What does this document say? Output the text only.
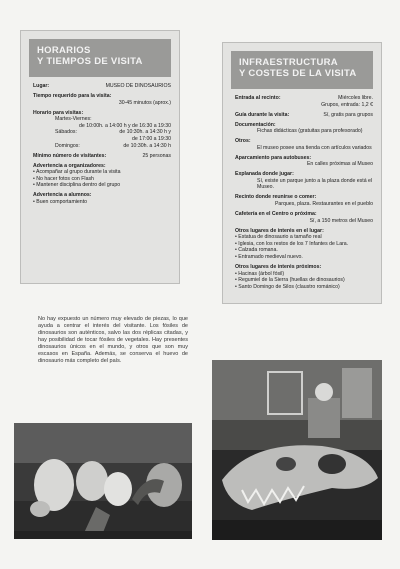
HORARIOS
Y TIEMPOS DE VISITA
Lugar:	MUSEO DE DINOSAURIOS
Tiempo requerido para la visita:
30-45 minutos (aprox.)
Horario para visitas:
Martes-Viernes:
de 10:00h. a 14:00 h y de 16:30 a 19:30
Sábados:	de 10:30h. a 14:30 h y
de 17:00 a 19:30
Domingos:	de 10:30h. a 14:30 h
Mínimo número de visitantes:	25 personas
Advertencia a organizadores:
• Acompañar al grupo durante la visita
• No hacer fotos con Flash
• Mantener disciplina dentro del grupo
Advertencia a alumnos:
• Buen comportamiento
INFRAESTRUCTURA
Y COSTES DE LA VISITA
Entrada al recinto:	Miércoles libre.
Grupos, entrada: 1,2 €
Guía durante la visita:	Sí, gratis para grupos
Documentación:
Fichas didácticas (gratuitas para profesorado)
Otros:
El museo posee una tienda con artículos variados
Aparcamiento para autobuses:
En calles próximas al Museo
Explanada donde jugar:
Sí, existe un parque junto a la plaza donde está el Museo.
Recinto donde reunirse o comer:
Parques, plaza. Restaurantes en el pueblo
Cafetería en el Centro o próxima:
Sí, a 150 metros del Museo
Otros lugares de interés en el lugar:
• Estatua de dinosaurio a tamaño real
• Iglesia, con los restos de los 7 Infantes de Lara.
• Calzada romana.
• Entramado medieval nuevo.
Otros lugares de interés próximos:
• Hacinas (árbol fósil)
• Regumiel de la Sierra (huellas de dinosaurios)
• Santo Domingo de Silos (claustro románico)
No hay expuesto un número muy elevado de piezas, lo que ayuda a centrar el interés del visitante. Los fósiles de dinosaurios son auténticos, salvo las dos réplicas citadas, y hay posibilidad de tocar fósiles de vegetales. Hay presentes dinosaurios únicos en el mundo, y otros que son muy escasos en España. Además, se conserva el huevo de dinosaurio más completo del país.
